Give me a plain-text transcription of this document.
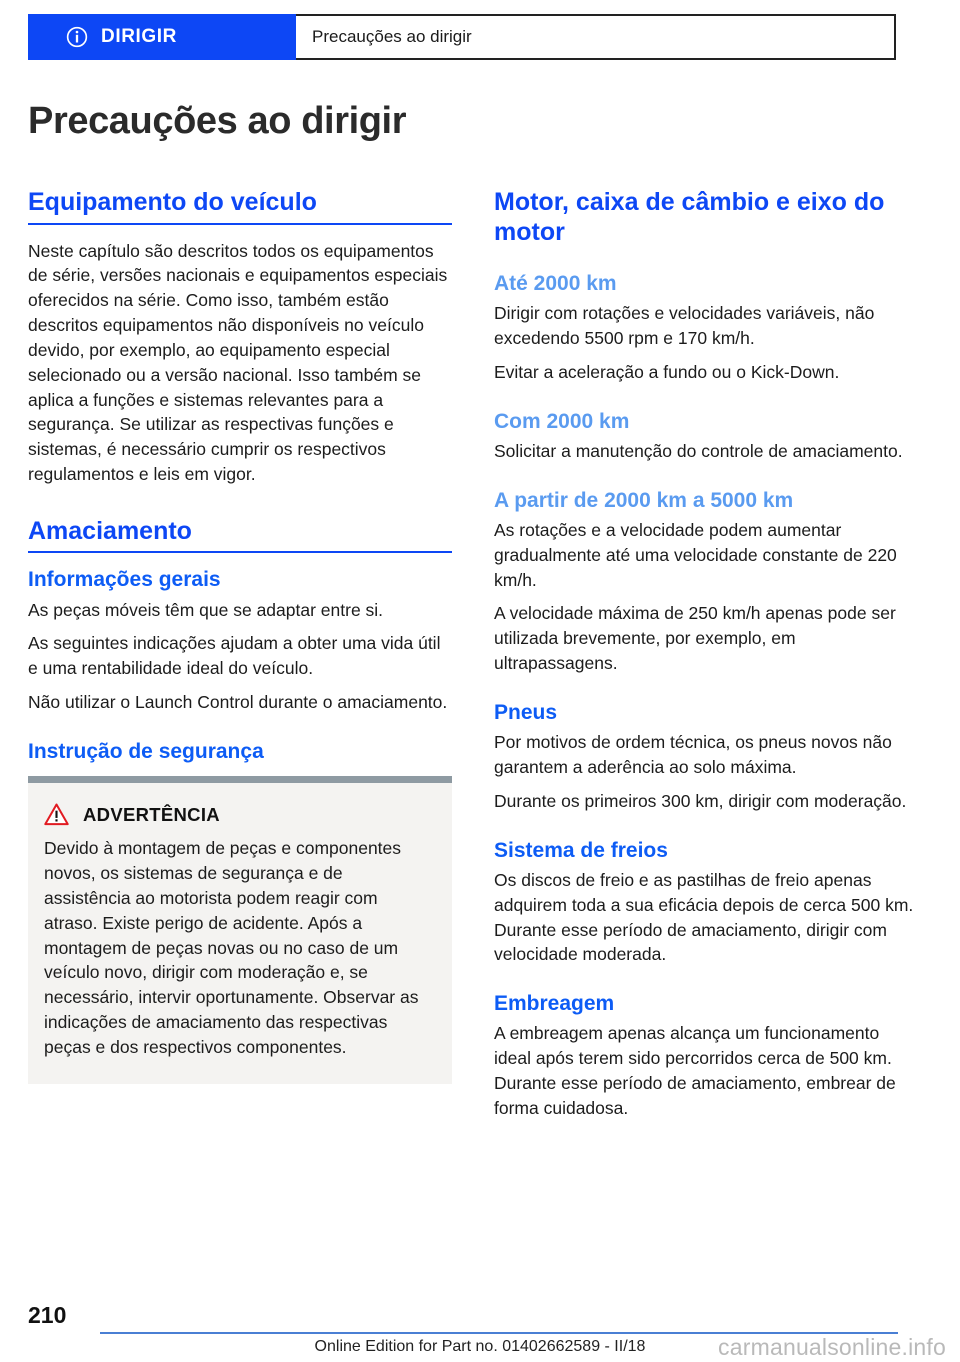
DIRIGIR	Precauções ao dirigir
Precauções ao dirigir
Equipamento do veículo

Neste capítulo são descritos todos os equipamentos de série, versões nacionais e equipamentos especiais oferecidos na série. Como isso, também estão descritos equipamentos não disponíveis no veículo devido, por exemplo, ao equipamento especial selecionado ou a versão nacional. Isso também se aplica a funções e sistemas relevantes para a segurança. Se utilizar as respectivas funções e sistemas, é necessário cumprir os respectivos regulamentos e leis em vigor.

Amaciamento
Informações gerais

As peças móveis têm que se adaptar entre si.

As seguintes indicações ajudam a obter uma vida útil e uma rentabilidade ideal do veículo.

Não utilizar o Launch Control durante o amaciamento.

Instrução de segurança
ADVERTÊNCIA

Devido à montagem de peças e componentes novos, os sistemas de segurança e de assistência ao motorista podem reagir com atraso. Existe perigo de acidente. Após a montagem de peças novas ou no caso de um veículo novo, dirigir com moderação e, se necessário, intervir oportunamente. Observar as indicações de amaciamento das respectivas peças e dos respectivos componentes.

Motor, caixa de câmbio e eixo do motor
Até 2000 km

Dirigir com rotações e velocidades variáveis, não excedendo 5500 rpm e 170 km/h.

Evitar a aceleração a fundo ou o Kick-Down.

Com 2000 km

Solicitar a manutenção do controle de amaciamento.

A partir de 2000 km a 5000 km

As rotações e a velocidade podem aumentar gradualmente até uma velocidade constante de 220 km/h.

A velocidade máxima de 250 km/h apenas pode ser utilizada brevemente, por exemplo, em ultrapassagens.

Pneus

Por motivos de ordem técnica, os pneus novos não garantem a aderência ao solo máxima.

Durante os primeiros 300 km, dirigir com moderação.

Sistema de freios

Os discos de freio e as pastilhas de freio apenas adquirem toda a sua eficácia depois de cerca 500 km. Durante esse período de amaciamento, dirigir com velocidade moderada.

Embreagem

A embreagem apenas alcança um funcionamento ideal após terem sido percorridos cerca de 500 km. Durante esse período de amaciamento, embrear de forma cuidadosa.

210
Online Edition for Part no. 01402662589 - II/18	carmanualsonline.info
